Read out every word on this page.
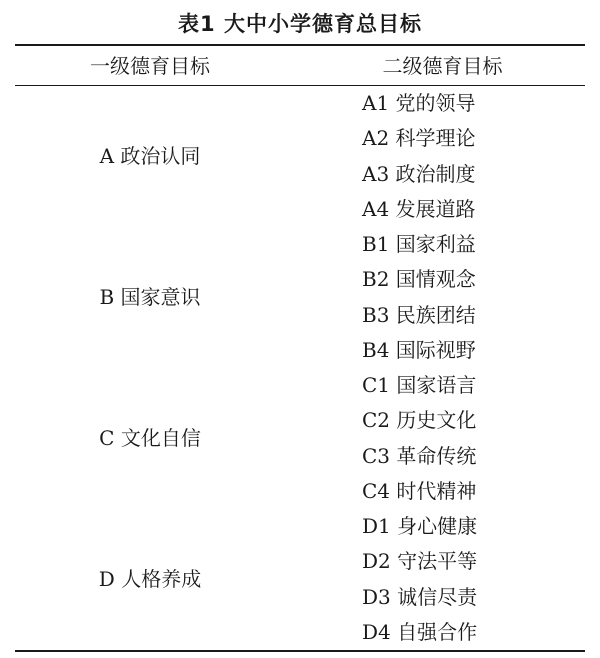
表1 大中小学德育总目标
一级德育目标	二级德育目标
A 政治认同
A1 党的领导
A2 科学理论
A3 政治制度
A4 发展道路
B 国家意识
B1 国家利益
B2 国情观念
B3 民族团结
B4 国际视野
C 文化自信
C1 国家语言
C2 历史文化
C3 革命传统
C4 时代精神
D 人格养成
D1 身心健康
D2 守法平等
D3 诚信尽责
D4 自强合作
